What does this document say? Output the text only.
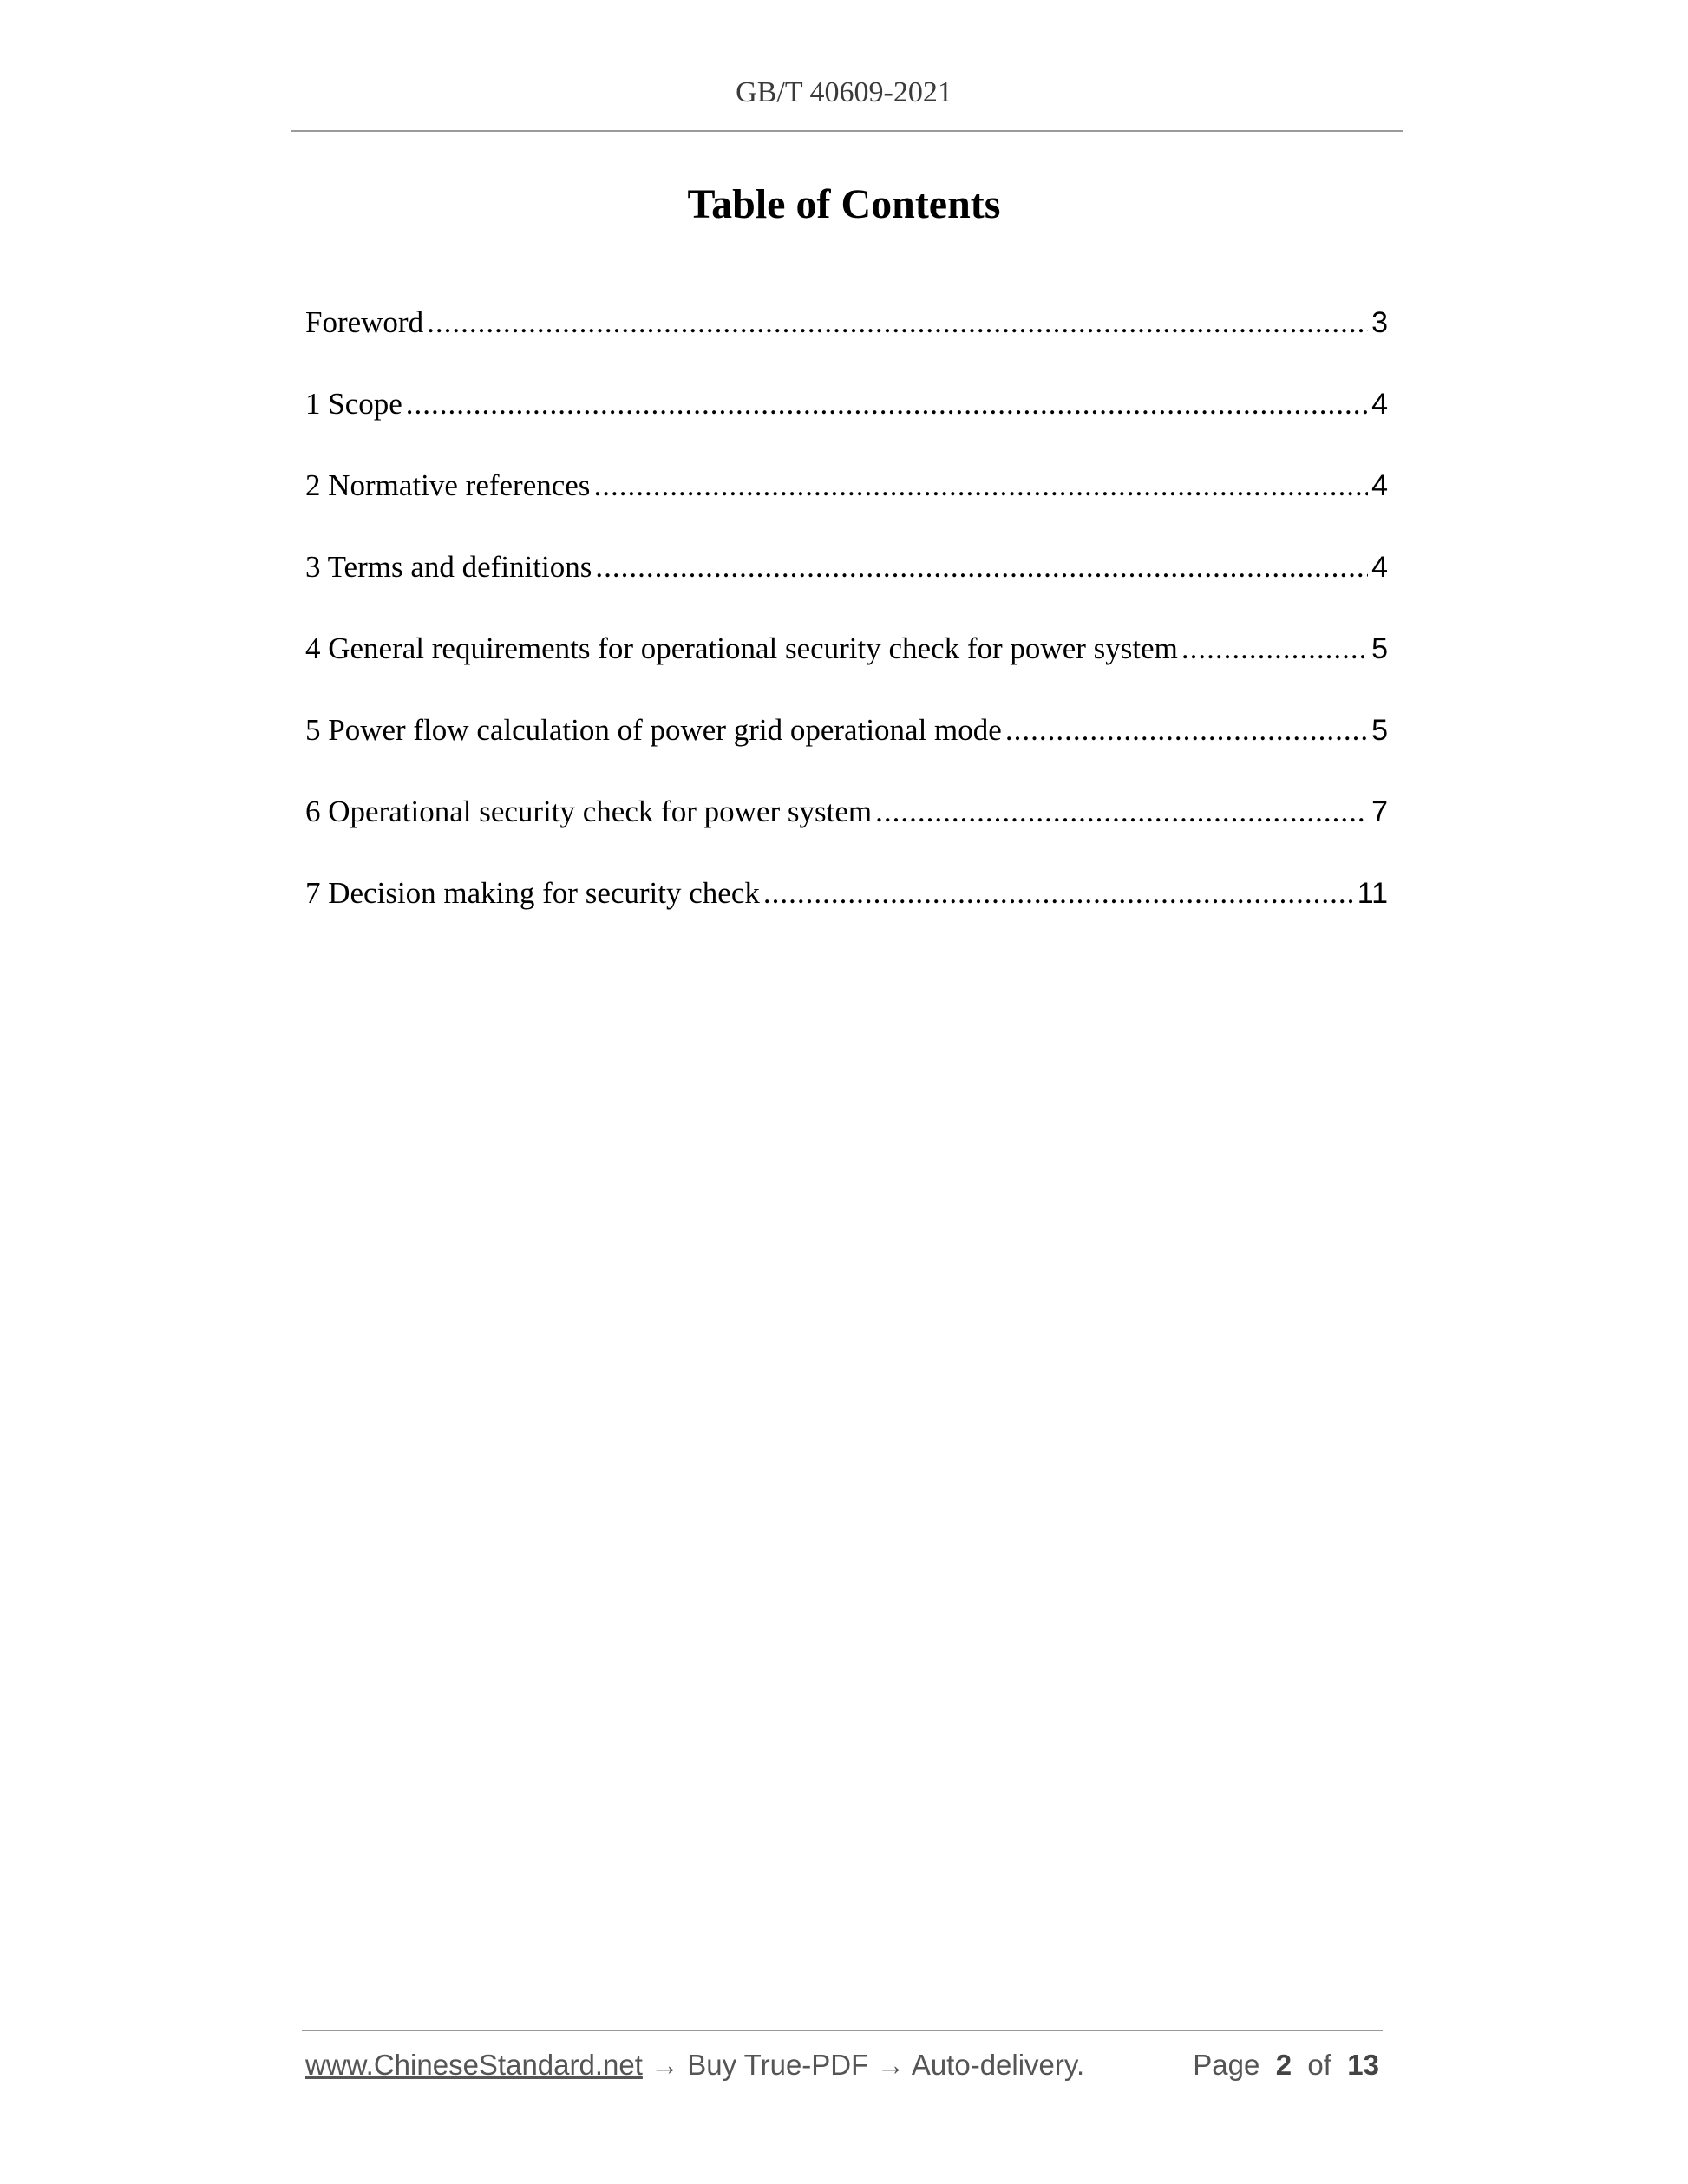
GB/T 40609-2021
Table of Contents
Foreword .....	3
1 Scope .....	4
2 Normative references .....	4
3 Terms and definitions .....	4
4 General requirements for operational security check for power system .....	5
5 Power flow calculation of power grid operational mode .....	5
6 Operational security check for power system .....	7
7 Decision making for security check .....	11
www.ChineseStandard.net → Buy True-PDF → Auto-delivery.	Page 2 of 13
